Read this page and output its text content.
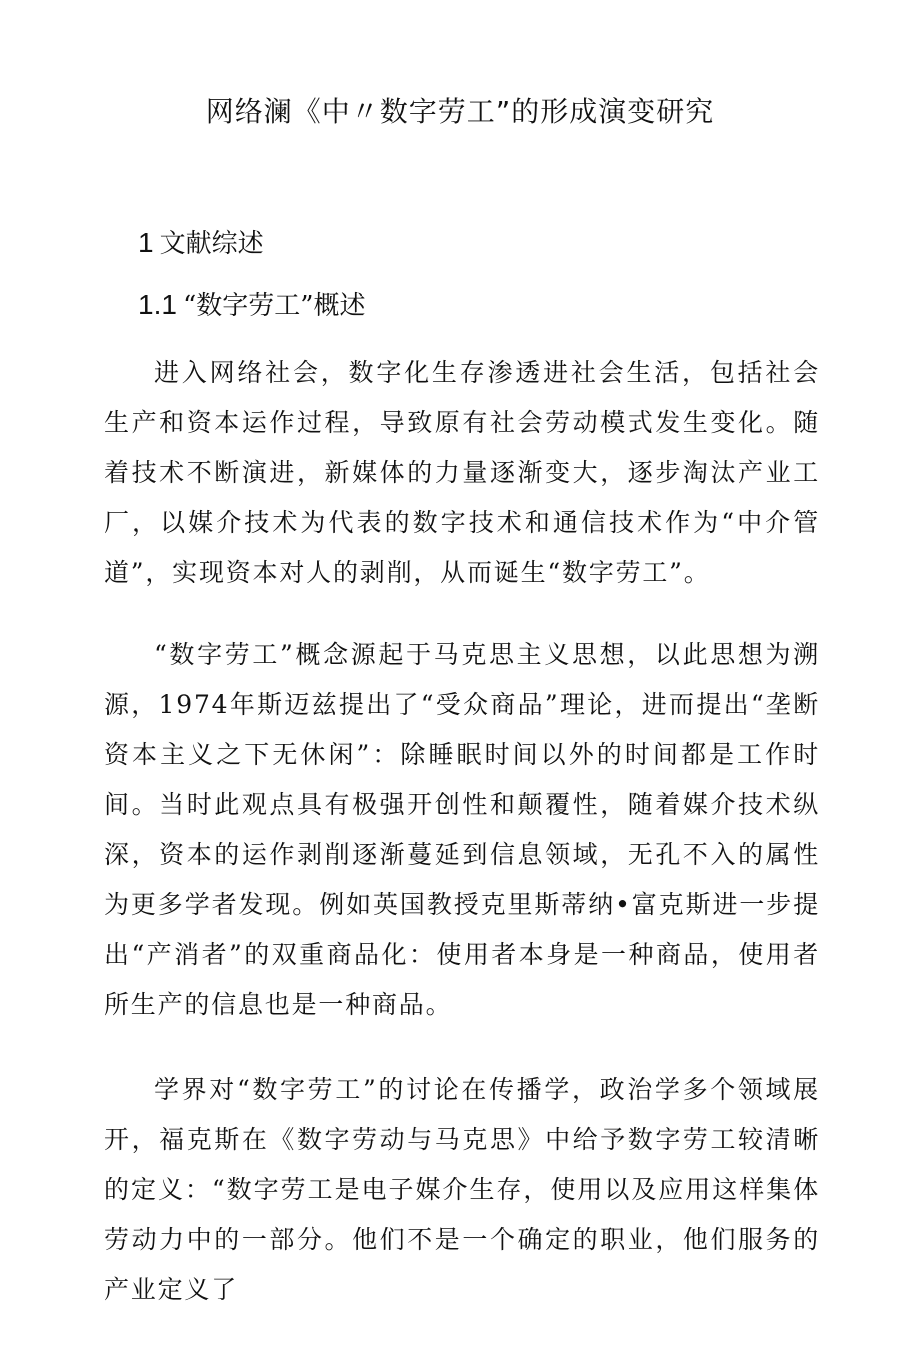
网络澜《中〃数字劳工”的形成演变研究
1 文献综述
1.1 “数字劳工”概述

进入网络社会，数字化生存渗透进社会生活，包括社会生产和资本运作过程，导致原有社会劳动模式发生变化。随着技术不断演进，新媒体的力量逐渐变大，逐步淘汰产业工厂，以媒介技术为代表的数字技术和通信技术作为“中介管道”，实现资本对人的剥削，从而诞生“数字劳工”。

“数字劳工”概念源起于马克思主义思想，以此思想为溯源，1974年斯迈兹提出了“受众商品”理论，进而提出“垄断资本主义之下无休闲”：除睡眠时间以外的时间都是工作时间。当时此观点具有极强开创性和颠覆性，随着媒介技术纵深，资本的运作剥削逐渐蔓延到信息领域，无孔不入的属性为更多学者发现。例如英国教授克里斯蒂纳•富克斯进一步提出“产消者”的双重商品化：使用者本身是一种商品，使用者所生产的信息也是一种商品。

学界对“数字劳工”的讨论在传播学，政治学多个领域展开，福克斯在《数字劳动与马克思》中给予数字劳工较清晰的定义：“数字劳工是电子媒介生存，使用以及应用这样集体劳动力中的一部分。他们不是一个确定的职业，他们服务的产业定义了
